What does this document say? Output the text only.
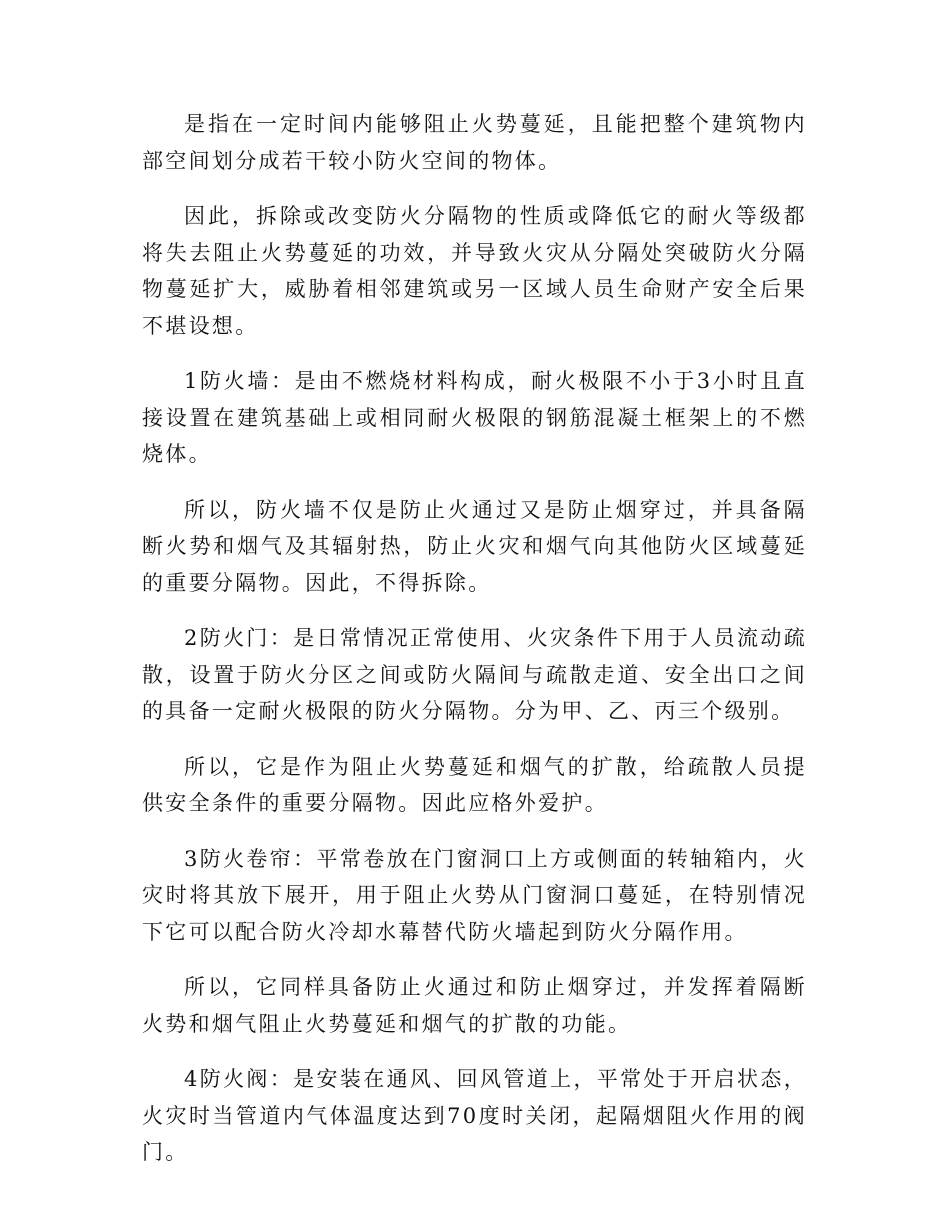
是指在一定时间内能够阻止火势蔓延，且能把整个建筑物内部空间划分成若干较小防火空间的物体。

因此，拆除或改变防火分隔物的性质或降低它的耐火等级都将失去阻止火势蔓延的功效，并导致火灾从分隔处突破防火分隔物蔓延扩大，威胁着相邻建筑或另一区域人员生命财产安全后果不堪设想。

1防火墙：是由不燃烧材料构成，耐火极限不小于3小时且直接设置在建筑基础上或相同耐火极限的钢筋混凝土框架上的不燃烧体。

所以，防火墙不仅是防止火通过又是防止烟穿过，并具备隔断火势和烟气及其辐射热，防止火灾和烟气向其他防火区域蔓延的重要分隔物。因此，不得拆除。

2防火门：是日常情况正常使用、火灾条件下用于人员流动疏散，设置于防火分区之间或防火隔间与疏散走道、安全出口之间的具备一定耐火极限的防火分隔物。分为甲、乙、丙三个级别。

所以，它是作为阻止火势蔓延和烟气的扩散，给疏散人员提供安全条件的重要分隔物。因此应格外爱护。

3防火卷帘：平常卷放在门窗洞口上方或侧面的转轴箱内，火灾时将其放下展开，用于阻止火势从门窗洞口蔓延，在特别情况下它可以配合防火冷却水幕替代防火墙起到防火分隔作用。

所以，它同样具备防止火通过和防止烟穿过，并发挥着隔断火势和烟气阻止火势蔓延和烟气的扩散的功能。

4防火阀：是安装在通风、回风管道上，平常处于开启状态，火灾时当管道内气体温度达到70度时关闭，起隔烟阻火作用的阀门。
